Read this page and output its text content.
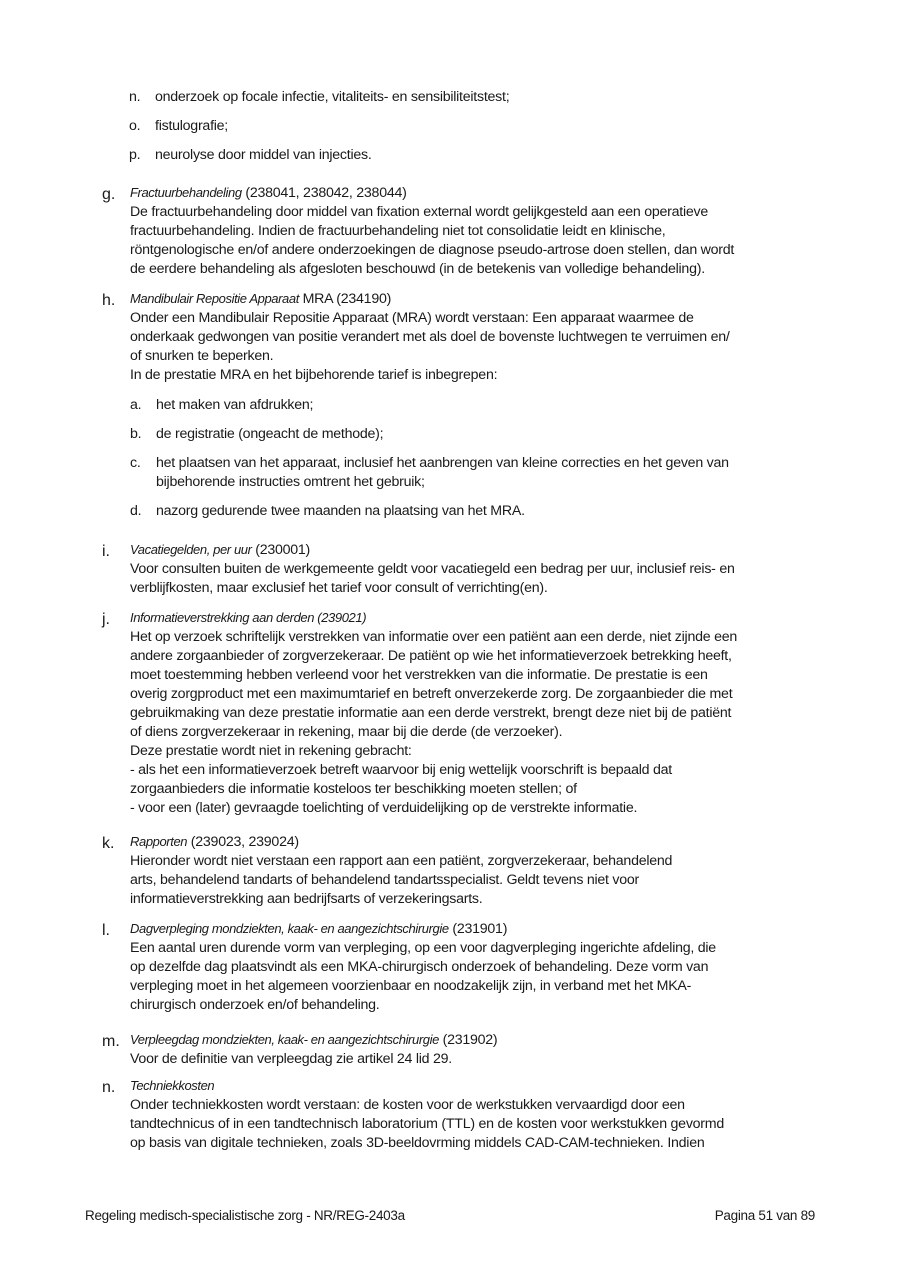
n. onderzoek op focale infectie, vitaliteits- en sensibiliteitstest;
o. fistulografie;
p. neurolyse door middel van injecties.
g. Fractuurbehandeling (238041, 238042, 238044)
De fractuurbehandeling door middel van fixation external wordt gelijkgesteld aan een operatieve
fractuurbehandeling. Indien de fractuurbehandeling niet tot consolidatie leidt en klinische,
röntgenologische en/of andere onderzoekingen de diagnose pseudo-artrose doen stellen, dan wordt
de eerdere behandeling als afgesloten beschouwd (in de betekenis van volledige behandeling).
h. Mandibulair Repositie Apparaat MRA (234190)
Onder een Mandibulair Repositie Apparaat (MRA) wordt verstaan: Een apparaat waarmee de
onderkaak gedwongen van positie verandert met als doel de bovenste luchtwegen te verruimen en/
of snurken te beperken.
In de prestatie MRA en het bijbehorende tarief is inbegrepen:
a. het maken van afdrukken;
b. de registratie (ongeacht de methode);
c. het plaatsen van het apparaat, inclusief het aanbrengen van kleine correcties en het geven van
bijbehorende instructies omtrent het gebruik;
d. nazorg gedurende twee maanden na plaatsing van het MRA.
i. Vacatiegelden, per uur (230001)
Voor consulten buiten de werkgemeente geldt voor vacatiegeld een bedrag per uur, inclusief reis- en
verblijfkosten, maar exclusief het tarief voor consult of verrichting(en).
j. Informatieverstrekking aan derden (239021)
Het op verzoek schriftelijk verstrekken van informatie over een patiënt aan een derde, niet zijnde een
andere zorgaanbieder of zorgverzekeraar. De patiënt op wie het informatieverzoek betrekking heeft,
moet toestemming hebben verleend voor het verstrekken van die informatie. De prestatie is een
overig zorgproduct met een maximumtarief en betreft onverzekerde zorg. De zorgaanbieder die met
gebruikmaking van deze prestatie informatie aan een derde verstrekt, brengt deze niet bij de patiënt
of diens zorgverzekeraar in rekening, maar bij die derde (de verzoeker).
Deze prestatie wordt niet in rekening gebracht:
- als het een informatieverzoek betreft waarvoor bij enig wettelijk voorschrift is bepaald dat
zorgaanbieders die informatie kosteloos ter beschikking moeten stellen; of
- voor een (later) gevraagde toelichting of verduidelijking op de verstrekte informatie.
k. Rapporten (239023, 239024)
Hieronder wordt niet verstaan een rapport aan een patiënt, zorgverzekeraar, behandelend
arts, behandelend tandarts of behandelend tandartsspecialist. Geldt tevens niet voor
informatieverstrekking aan bedrijfsarts of verzekeringsarts.
l. Dagverpleging mondziekten, kaak- en aangezichtschirurgie (231901)
Een aantal uren durende vorm van verpleging, op een voor dagverpleging ingerichte afdeling, die
op dezelfde dag plaatsvindt als een MKA-chirurgisch onderzoek of behandeling. Deze vorm van
verpleging moet in het algemeen voorzienbaar en noodzakelijk zijn, in verband met het MKA-
chirurgisch onderzoek en/of behandeling.
m. Verpleegdag mondziekten, kaak- en aangezichtschirurgie (231902)
Voor de definitie van verpleegdag zie artikel 24 lid 29.
n. Techniekkosten
Onder techniekkosten wordt verstaan: de kosten voor de werkstukken vervaardigd door een
tandtechnicus of in een tandtechnisch laboratorium (TTL) en de kosten voor werkstukken gevormd
op basis van digitale technieken, zoals 3D-beeldovrming middels CAD-CAM-technieken. Indien
Regeling medisch-specialistische zorg - NR/REG-2403a	Pagina 51 van 89
